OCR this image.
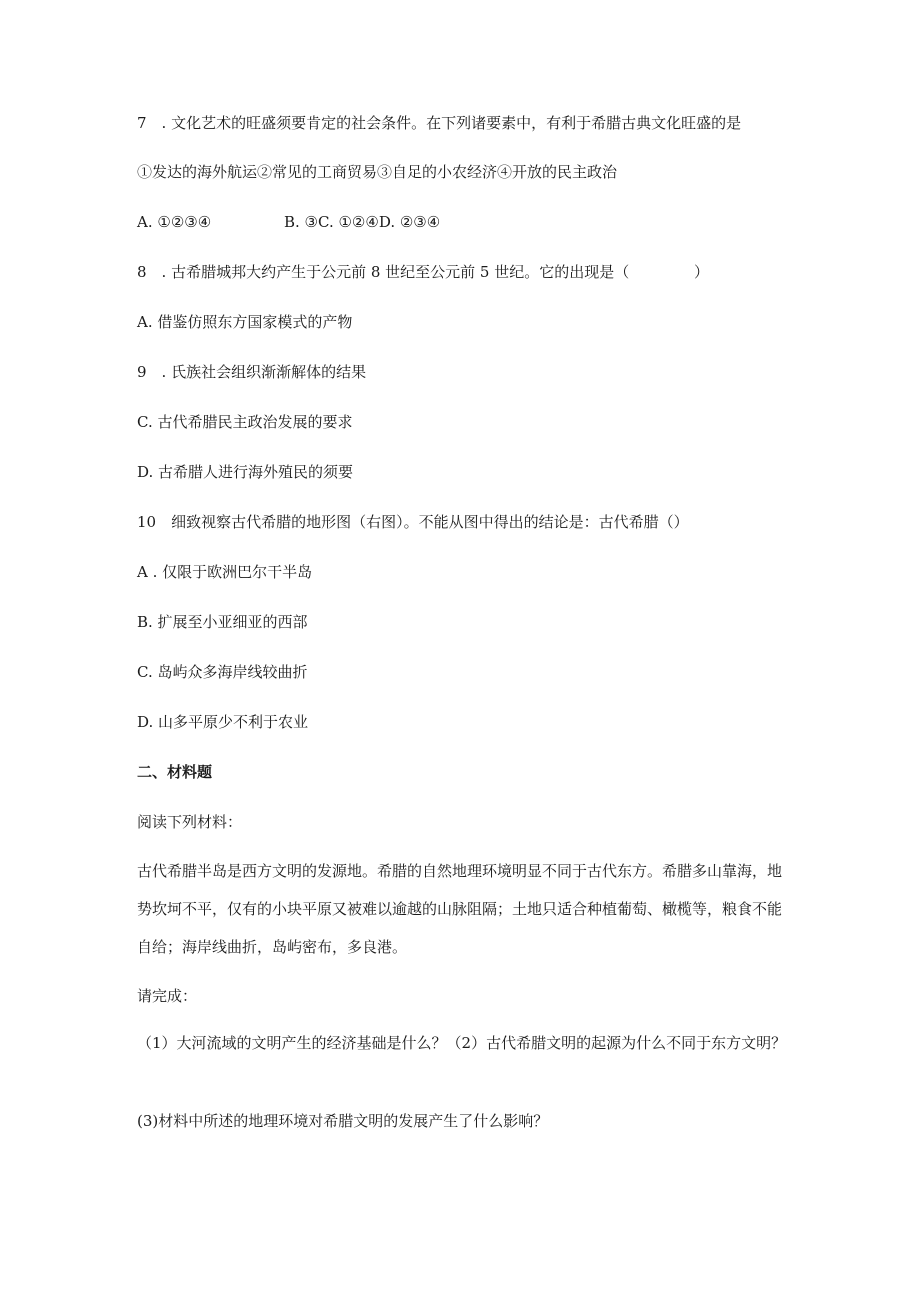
7　. 文化艺术的旺盛须要肯定的社会条件。在下列诸要素中，有利于希腊古典文化旺盛的是

①发达的海外航运②常见的工商贸易③自足的小农经济④开放的民主政治

A. ①②③④	B. ③C. ①②④D. ②③④

8　. 古希腊城邦大约产生于公元前 8 世纪至公元前 5 世纪。它的出现是（	）

A. 借鉴仿照东方国家模式的产物

9　. 氏族社会组织渐渐解体的结果

C. 古代希腊民主政治发展的要求

D. 古希腊人进行海外殖民的须要

10　细致视察古代希腊的地形图（右图）。不能从图中得出的结论是：古代希腊（）

A . 仅限于欧洲巴尔干半岛

B. 扩展至小亚细亚的西部

C. 岛屿众多海岸线较曲折

D. 山多平原少不利于农业

二、材料题

阅读下列材料：

古代希腊半岛是西方文明的发源地。希腊的自然地理环境明显不同于古代东方。希腊多山靠海，地势坎坷不平，仅有的小块平原又被难以逾越的山脉阻隔；土地只适合种植葡萄、橄榄等，粮食不能自给；海岸线曲折，岛屿密布，多良港。

请完成：

（1）大河流域的文明产生的经济基础是什么？（2）古代希腊文明的起源为什么不同于东方文明？

(3)材料中所述的地理环境对希腊文明的发展产生了什么影响？
